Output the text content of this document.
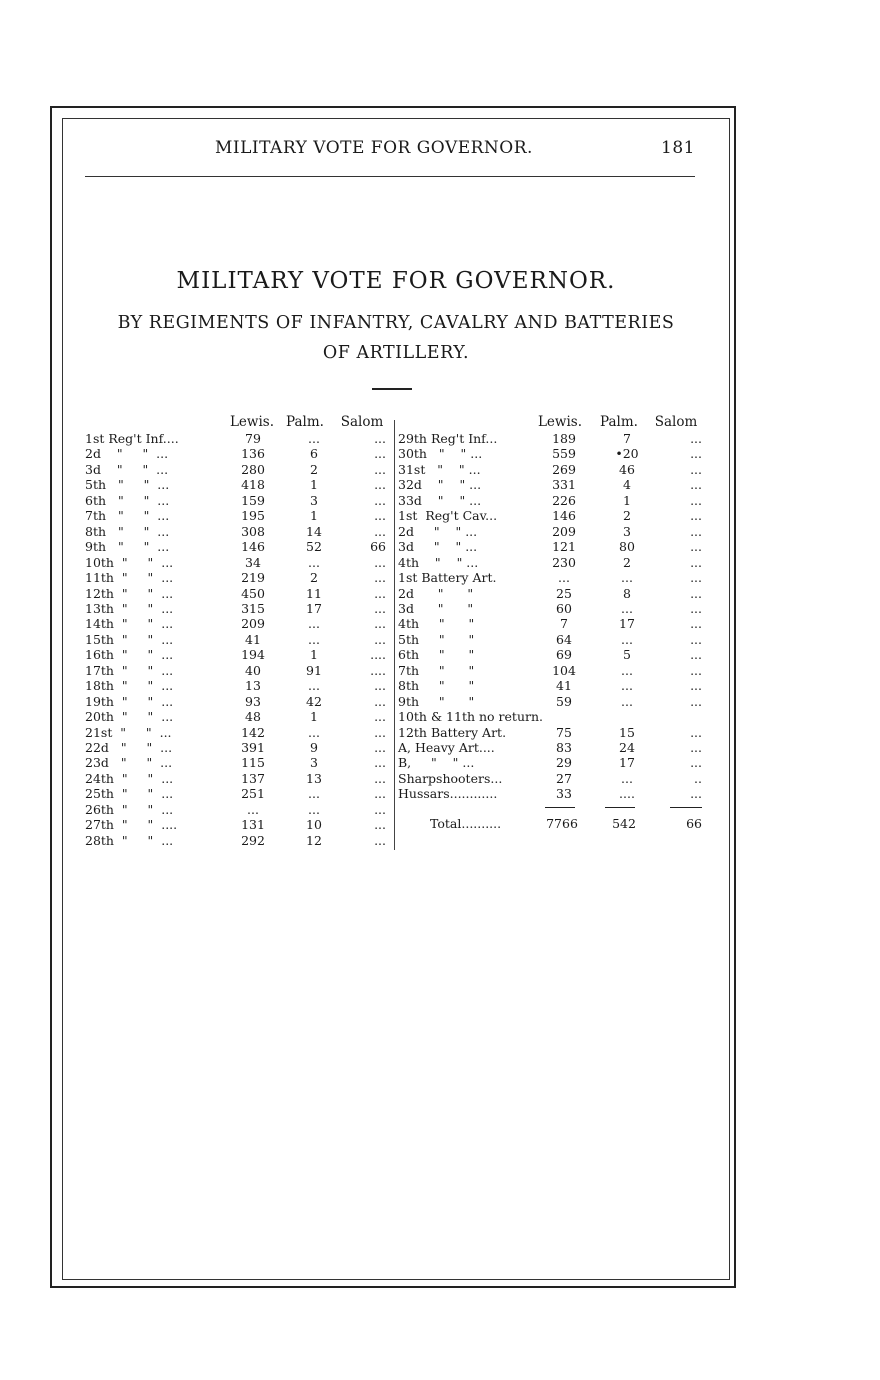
MILITARY VOTE FOR GOVERNOR.	181
MILITARY VOTE FOR GOVERNOR.
BY REGIMENTS OF INFANTRY, CAVALRY AND BATTERIES
OF ARTILLERY.
Lewis. Palm. Salom
1st Reg't Inf....	79	...	...
2d    "     "  ...	136	6	...
3d    "     "  ...	280	2	...
5th   "     "  ...	418	1	...
6th   "     "  ...	159	3	...
7th   "     "  ...	195	1	...
8th   "     "  ...	308	14	...
9th   "     "  ...	146	52	66
10th  "     "  ...	34	...	...
11th  "     "  ...	219	2	...
12th  "     "  ...	450	11	...
13th  "     "  ...	315	17	...
14th  "     "  ...	209	...	...
15th  "     "  ...	41	...	...
16th  "     "  ...	194	1	....
17th  "     "  ...	40	91	....
18th  "     "  ...	13	...	...
19th  "     "  ...	93	42	...
20th  "     "  ...	48	1	...
21st  "     "  ...	142	...	...
22d   "     "  ...	391	9	...
23d   "     "  ...	115	3	...
24th  "     "  ...	137	13	...
25th  "     "  ...	251	...	...
26th  "     "  ...	...	...	...
27th  "     "  ....	131	10	...
28th  "     "  ...	292	12	...
Lewis.	Palm.	Salom
29th Reg't Inf...	189	7	...
30th   "    " ...	559	•20	...
31st   "    " ...	269	46	...
32d    "    " ...	331	4	...
33d    "    " ...	226	1	...
1st  Reg't Cav...	146	2	...
2d     "    " ...	209	3	...
3d     "    " ...	121	80	...
4th    "    " ...	230	2	...
1st Battery Art.	...	...	...
2d      "      "	25	8	...
3d      "      "	60	...	...
4th     "      "	7	17	...
5th     "      "	64	...	...
6th     "      "	69	5	...
7th     "      "	104	...	...
8th     "      "	41	...	...
9th     "      "	59	...	...
10th & 11th no return.
12th Battery Art.	75	15	...
A, Heavy Art....	83	24	...
B,     "    " ...	29	17	...
Sharpshooters...	27	...	..
Hussars............	33	....	...
Total..........	7766	542	66
